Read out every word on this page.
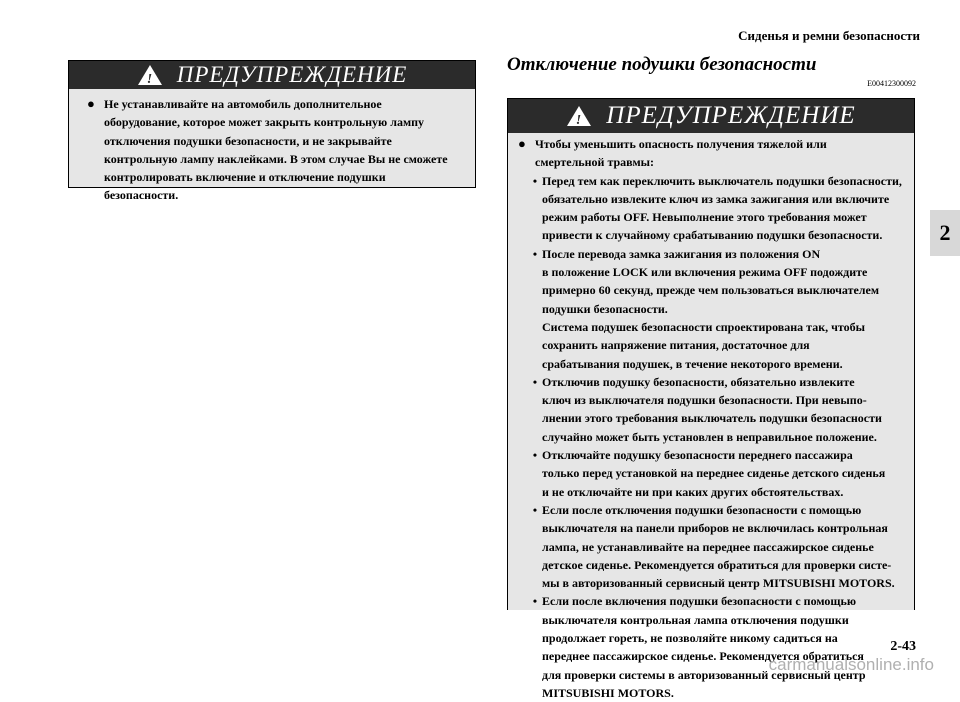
Сиденья и ремни безопасности
2
! ПРЕДУПРЕЖДЕНИЕ
● Не устанавливайте на автомобиль дополнительное
оборудование, которое может закрыть контрольную лампу
отключения подушки безопасности, и не закрывайте
контрольную лампу наклейками. В этом случае Вы не сможете
контролировать включение и отключение подушки
безопасности.
Отключение подушки безопасности
E00412300092
! ПРЕДУПРЕЖДЕНИЕ
● Чтобы уменьшить опасность получения тяжелой или
смертельной травмы:
• Перед тем как переключить выключатель подушки безопасности,
обязательно извлеките ключ из замка зажигания или включите
режим работы OFF. Невыполнение этого требования может
привести к случайному срабатыванию подушки безопасности.
• После перевода замка зажигания из положения ON
в положение LOCK или включения режима OFF подождите
примерно 60 секунд, прежде чем пользоваться выключателем
подушки безопасности.
Система подушек безопасности спроектирована так, чтобы
сохранить напряжение питания, достаточное для
срабатывания подушек, в течение некоторого времени.
• Отключив подушку безопасности, обязательно извлеките
ключ из выключателя подушки безопасности. При невыпо-
лнении этого требования выключатель подушки безопасности
случайно может быть установлен в неправильное положение.
• Отключайте подушку безопасности переднего пассажира
только перед установкой на переднее сиденье детского сиденья
и не отключайте ни при каких других обстоятельствах.
• Если после отключения подушки безопасности с помощью
выключателя на панели приборов не включилась контрольная
лампа, не устанавливайте на переднее пассажирское сиденье
детское сиденье. Рекомендуется обратиться для проверки систе-
мы в авторизованный сервисный центр MITSUBISHI MOTORS.
• Если после включения подушки безопасности с помощью
выключателя контрольная лампа отключения подушки
продолжает гореть, не позволяйте никому садиться на
переднее пассажирское сиденье. Рекомендуется обратиться
для проверки системы в авторизованный сервисный центр
MITSUBISHI MOTORS.
2-43
carmanualsonline.info
